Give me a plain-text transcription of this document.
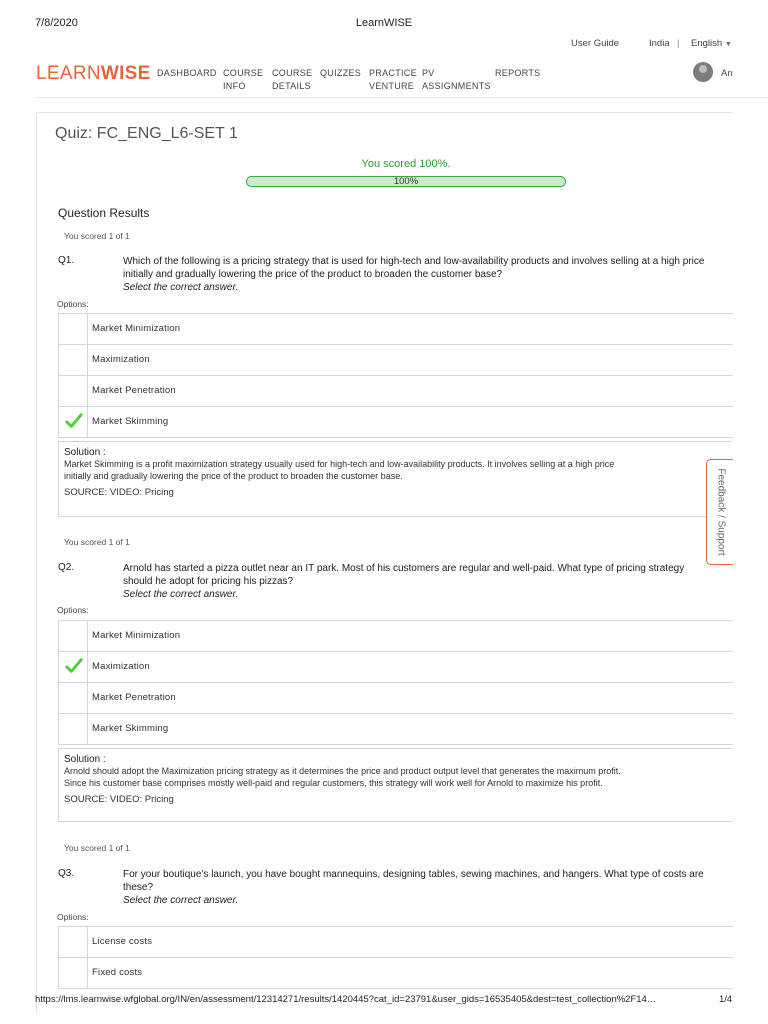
7/8/2020	LearnWISE
User Guide	India | English ▼
LEARNWISE DASHBOARD COURSE
INFO
COURSE
DETAILS
QUIZZES PRACTICE
VENTURE
PV
ASSIGNMENTS
REPORTS	An
Quiz: FC_ENG_L6-SET 1
You scored 100%.
100%
Question Results
You scored 1 of 1
Q1.	Which of the following is a pricing strategy that is used for high-tech and low-availability products and involves selling at a high price initially and gradually lowering the price of the product to broaden the customer base?
Select the correct answer.
Options:
Market Minimization
Maximization
Market Penetration
Market Skimming
Solution :
Market Skimming is a profit maximization strategy usually used for high-tech and low-availability products. It involves selling at a high price
initially and gradually lowering the price of the product to broaden the customer base.
SOURCE: VIDEO: Pricing
You scored 1 of 1
Q2.	Arnold has started a pizza outlet near an IT park. Most of his customers are regular and well-paid. What type of pricing strategy should he adopt for pricing his pizzas?
Select the correct answer.
Options:
Market Minimization
Maximization
Market Penetration
Market Skimming
Solution :
Arnold should adopt the Maximization pricing strategy as it determines the price and product output level that generates the maximum profit.
Since his customer base comprises mostly well-paid and regular customers, this strategy will work well for Arnold to maximize his profit.
SOURCE: VIDEO: Pricing
You scored 1 of 1
Q3.	For your boutique’s launch, you have bought mannequins, designing tables, sewing machines, and hangers. What type of costs are these?
Select the correct answer.
Options:
License costs
Fixed costs
Feedback / Support
https://lms.learnwise.wfglobal.org/IN/en/assessment/12314271/results/1420445?cat_id=23791&user_gids=16535405&dest=test_collection%2F14…	1/4
